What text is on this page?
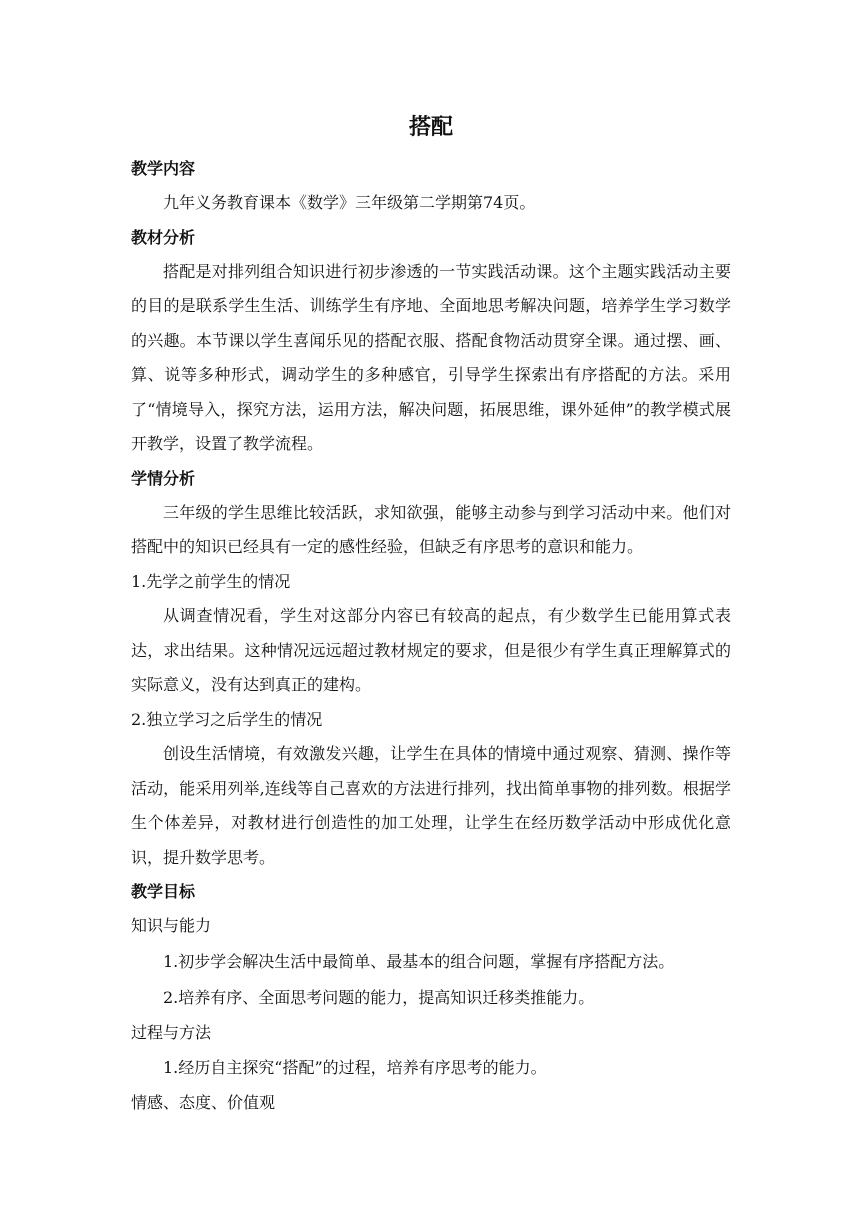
搭配

教学内容

九年义务教育课本《数学》三年级第二学期第74页。

教材分析

搭配是对排列组合知识进行初步渗透的一节实践活动课。这个主题实践活动主要的目的是联系学生生活、训练学生有序地、全面地思考解决问题，培养学生学习数学的兴趣。本节课以学生喜闻乐见的搭配衣服、搭配食物活动贯穿全课。通过摆、画、算、说等多种形式，调动学生的多种感官，引导学生探索出有序搭配的方法。采用了“情境导入，探究方法，运用方法，解决问题，拓展思维，课外延伸”的教学模式展开教学，设置了教学流程。

学情分析

三年级的学生思维比较活跃，求知欲强，能够主动参与到学习活动中来。他们对搭配中的知识已经具有一定的感性经验，但缺乏有序思考的意识和能力。

1.先学之前学生的情况

从调查情况看，学生对这部分内容已有较高的起点，有少数学生已能用算式表达，求出结果。这种情况远远超过教材规定的要求，但是很少有学生真正理解算式的实际意义，没有达到真正的建构。

2.独立学习之后学生的情况

创设生活情境，有效激发兴趣，让学生在具体的情境中通过观察、猜测、操作等活动，能采用列举,连线等自己喜欢的方法进行排列，找出简单事物的排列数。根据学生个体差异，对教材进行创造性的加工处理，让学生在经历数学活动中形成优化意识，提升数学思考。

教学目标

知识与能力

1.初步学会解决生活中最简单、最基本的组合问题，掌握有序搭配方法。

2.培养有序、全面思考问题的能力，提高知识迁移类推能力。

过程与方法

1.经历自主探究“搭配”的过程，培养有序思考的能力。

情感、态度、价值观
